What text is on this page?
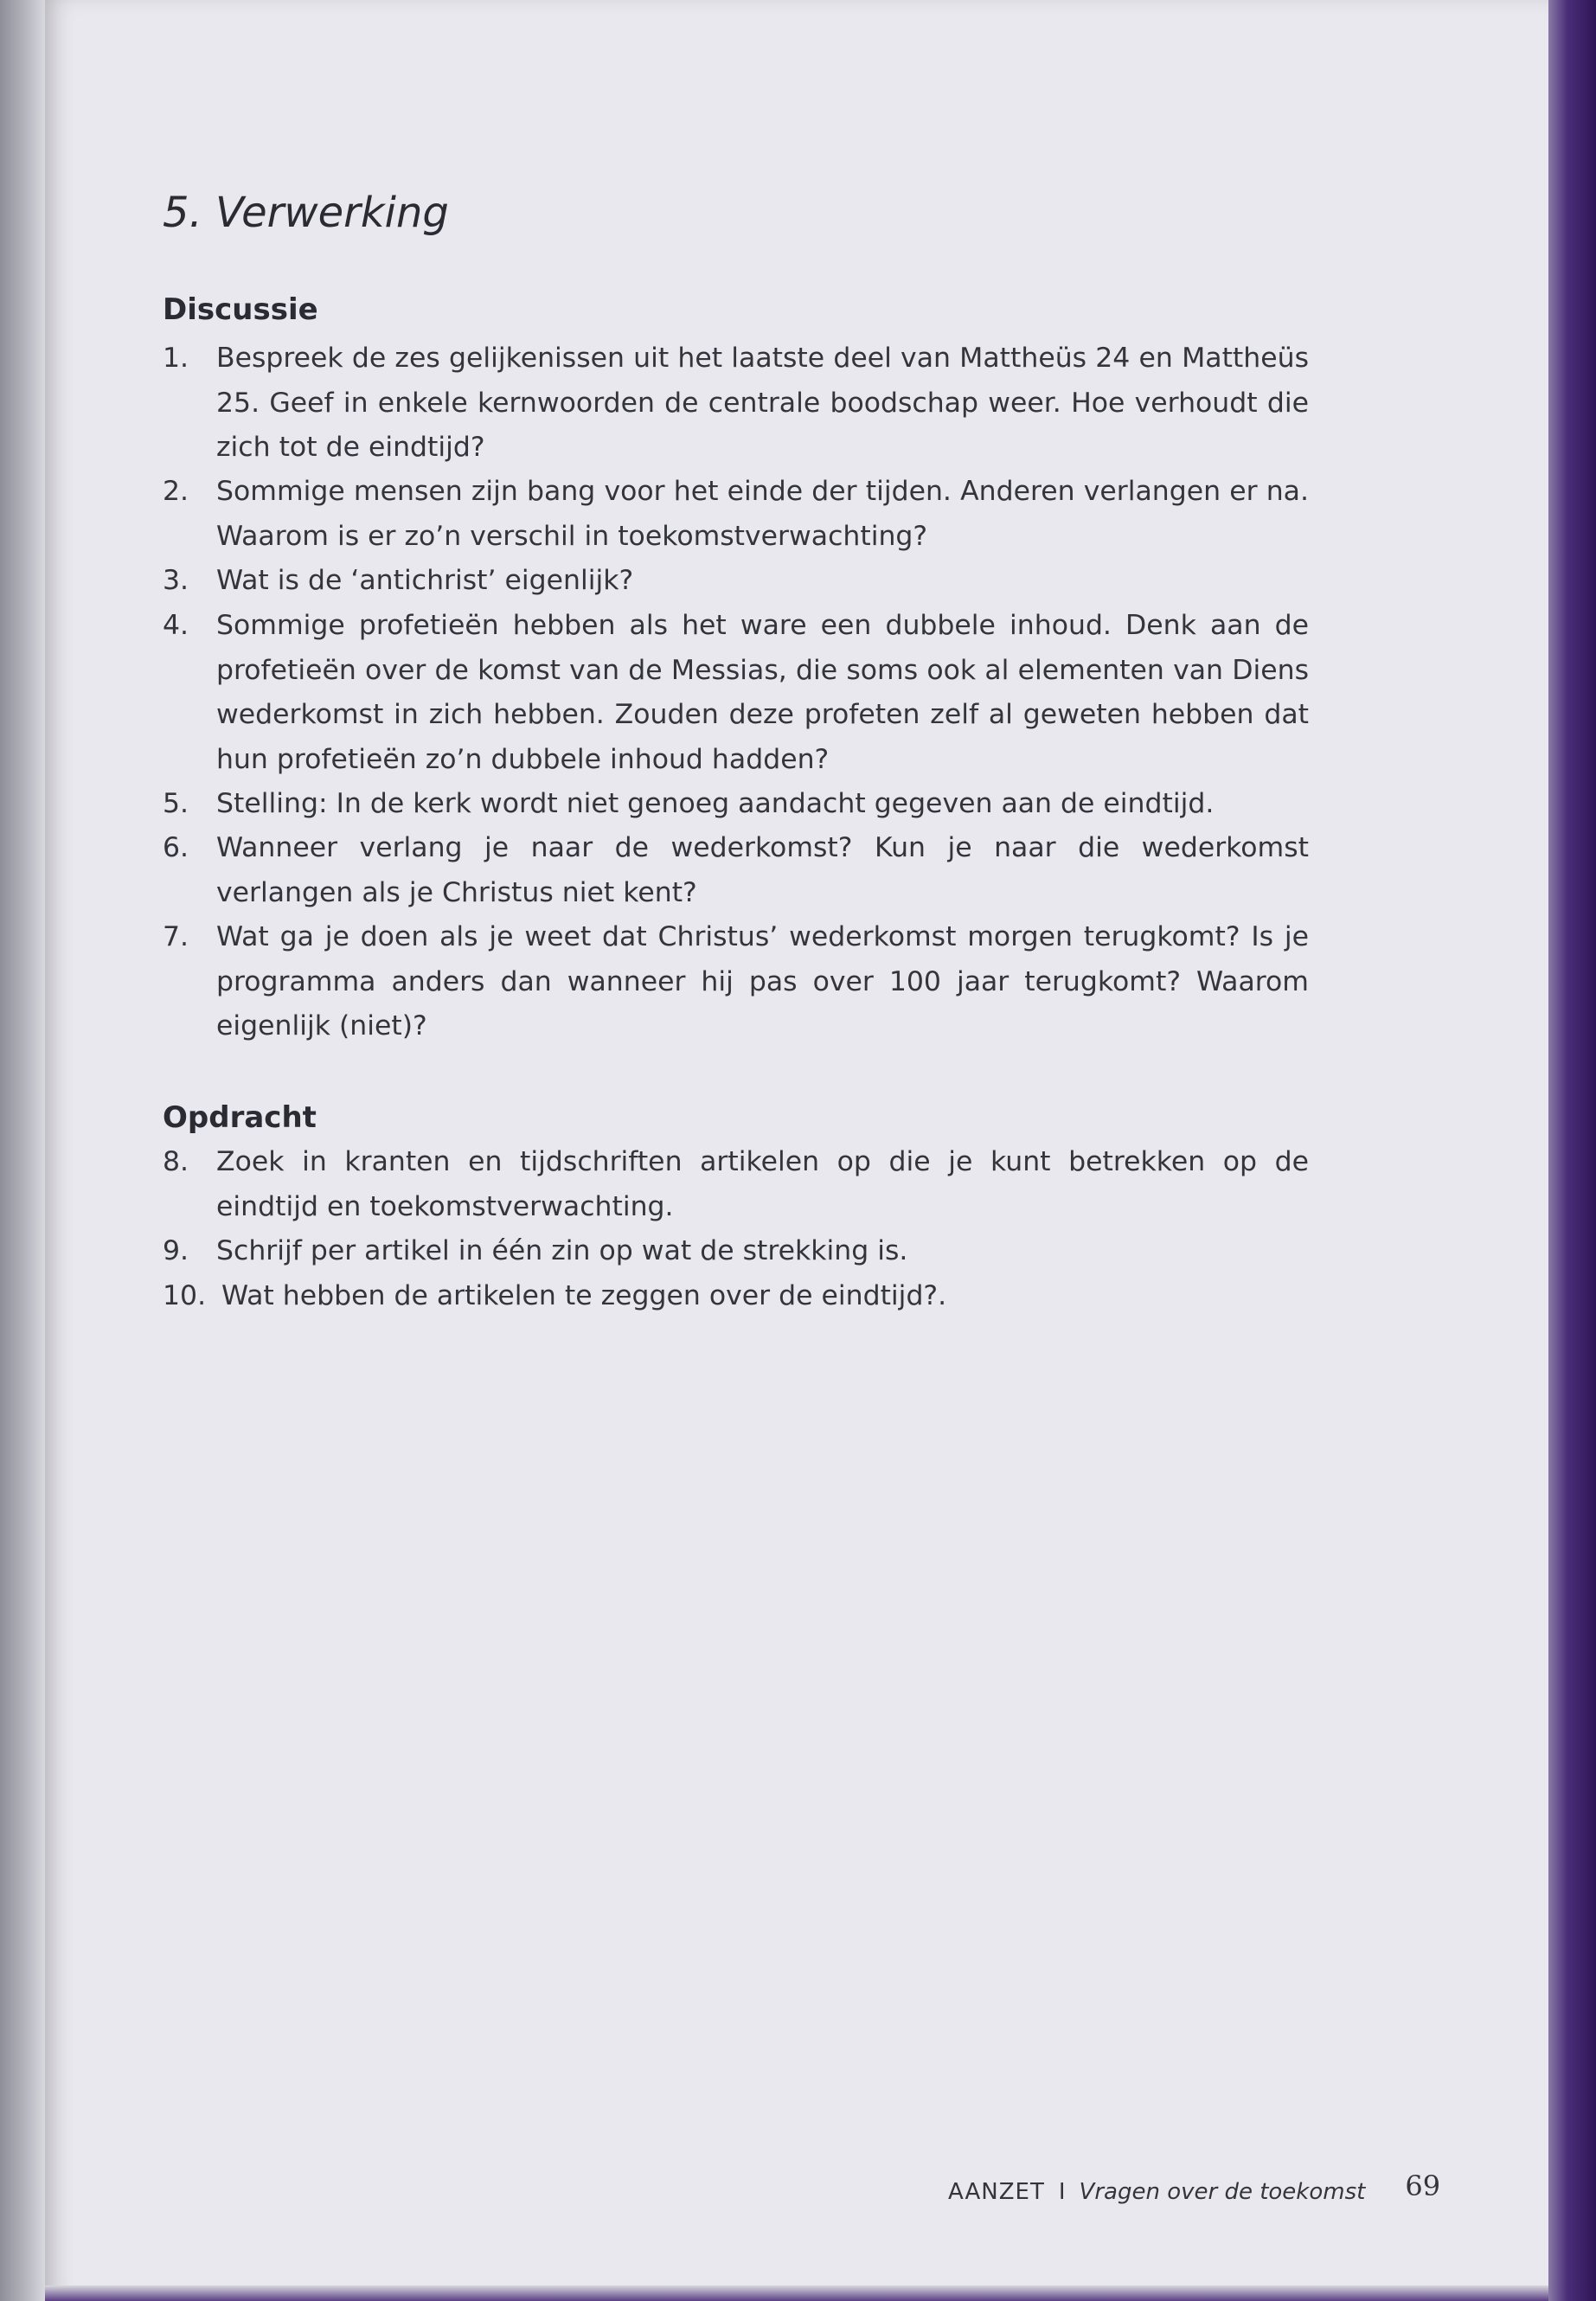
5. Verwerking
Discussie
1.	Bespreek de zes gelijkenissen uit het laatste deel van Mattheüs 24 en Mattheüs 25. Geef in enkele kernwoorden de centrale boodschap weer. Hoe verhoudt die zich tot de eindtijd?
2.	Sommige mensen zijn bang voor het einde der tijden. Anderen verlangen er na. Waarom is er zo’n verschil in toekomstverwachting?
3.	Wat is de ‘antichrist’ eigenlijk?
4.	Sommige profetieën hebben als het ware een dubbele inhoud. Denk aan de profetieën over de komst van de Messias, die soms ook al elementen van Diens wederkomst in zich hebben. Zouden deze profeten zelf al geweten hebben dat hun profetieën zo’n dubbele inhoud hadden?
5.	Stelling: In de kerk wordt niet genoeg aandacht gegeven aan de eindtijd.
6.	Wanneer verlang je naar de wederkomst? Kun je naar die wederkomst verlangen als je Christus niet kent?
7.	Wat ga je doen als je weet dat Christus’ wederkomst morgen terugkomt? Is je programma anders dan wanneer hij pas over 100 jaar terugkomt? Waarom eigenlijk (niet)?
Opdracht
8.	Zoek in kranten en tijdschriften artikelen op die je kunt betrekken op de eindtijd en toekomstverwachting.
9.	Schrijf per artikel in één zin op wat de strekking is.
10. Wat hebben de artikelen te zeggen over de eindtijd?.
AANZET I Vragen over de toekomst 69
